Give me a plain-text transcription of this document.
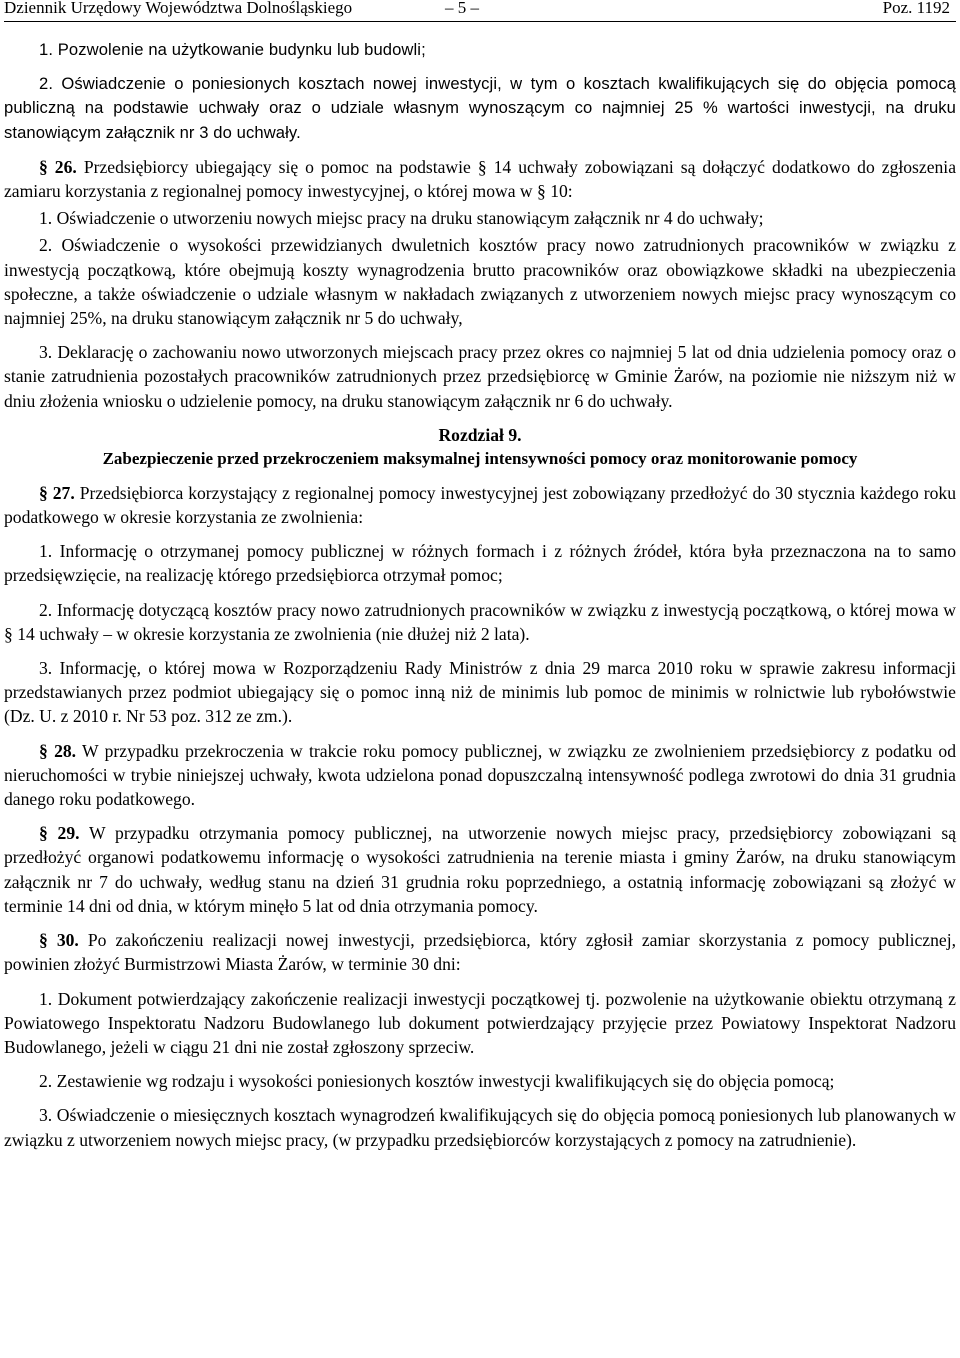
Dziennik Urzędowy Województwa Dolnośląskiego	– 5 –	Poz. 1192

1. Pozwolenie na użytkowanie budynku lub budowli;

2. Oświadczenie o poniesionych kosztach nowej inwestycji, w tym o kosztach kwalifikujących się do objęcia pomocą publiczną na podstawie uchwały oraz o udziale własnym wynoszącym co najmniej 25 % wartości inwestycji, na druku stanowiącym załącznik nr 3 do uchwały.

§ 26. Przedsiębiorcy ubiegający się o pomoc na podstawie § 14 uchwały zobowiązani są dołączyć dodatkowo do zgłoszenia zamiaru korzystania z regionalnej pomocy inwestycyjnej, o której mowa w § 10:

1. Oświadczenie o utworzeniu nowych miejsc pracy na druku stanowiącym załącznik nr 4 do uchwały;

2. Oświadczenie o wysokości przewidzianych dwuletnich kosztów pracy nowo zatrudnionych pracowników w związku z inwestycją początkową, które obejmują koszty wynagrodzenia brutto pracowników oraz obowiązkowe składki na ubezpieczenia społeczne, a także oświadczenie o udziale własnym w nakładach związanych z utworzeniem nowych miejsc pracy wynoszącym co najmniej 25%, na druku stanowiącym załącznik nr 5 do uchwały,

3. Deklarację o zachowaniu nowo utworzonych miejscach pracy przez okres co najmniej 5 lat od dnia udzielenia pomocy oraz o stanie zatrudnienia pozostałych pracowników zatrudnionych przez przedsiębiorcę w Gminie Żarów, na poziomie nie niższym niż w dniu złożenia wniosku o udzielenie pomocy, na druku stanowiącym załącznik nr 6 do uchwały.

Rozdział 9.

Zabezpieczenie przed przekroczeniem maksymalnej intensywności pomocy oraz monitorowanie pomocy

§ 27. Przedsiębiorca korzystający z regionalnej pomocy inwestycyjnej jest zobowiązany przedłożyć do 30 stycznia każdego roku podatkowego w okresie korzystania ze zwolnienia:

1. Informację o otrzymanej pomocy publicznej w różnych formach i z różnych źródeł, która była przeznaczona na to samo przedsięwzięcie, na realizację którego przedsiębiorca otrzymał pomoc;

2. Informację dotyczącą kosztów pracy nowo zatrudnionych pracowników w związku z inwestycją początkową, o której mowa w § 14 uchwały – w okresie korzystania ze zwolnienia (nie dłużej niż 2 lata).

3. Informację, o której mowa w Rozporządzeniu Rady Ministrów z dnia 29 marca 2010 roku w sprawie zakresu informacji przedstawianych przez podmiot ubiegający się o pomoc inną niż de minimis lub pomoc de minimis w rolnictwie lub rybołówstwie (Dz. U. z 2010 r. Nr 53 poz. 312 ze zm.).

§ 28. W przypadku przekroczenia w trakcie roku pomocy publicznej, w związku ze zwolnieniem przedsiębiorcy z podatku od nieruchomości w trybie niniejszej uchwały, kwota udzielona ponad dopuszczalną intensywność podlega zwrotowi do dnia 31 grudnia danego roku podatkowego.

§ 29. W przypadku otrzymania pomocy publicznej, na utworzenie nowych miejsc pracy, przedsiębiorcy zobowiązani są przedłożyć organowi podatkowemu informację o wysokości zatrudnienia na terenie miasta i gminy Żarów, na druku stanowiącym załącznik nr 7 do uchwały, według stanu na dzień 31 grudnia roku poprzedniego, a ostatnią informację zobowiązani są złożyć w terminie 14 dni od dnia, w którym minęło 5 lat od dnia otrzymania pomocy.

§ 30. Po zakończeniu realizacji nowej inwestycji, przedsiębiorca, który zgłosił zamiar skorzystania z pomocy publicznej, powinien złożyć Burmistrzowi Miasta Żarów, w terminie 30 dni:

1. Dokument potwierdzający zakończenie realizacji inwestycji początkowej tj. pozwolenie na użytkowanie obiektu otrzymaną z Powiatowego Inspektoratu Nadzoru Budowlanego lub dokument potwierdzający przyjęcie przez Powiatowy Inspektorat Nadzoru Budowlanego, jeżeli w ciągu 21 dni nie został zgłoszony sprzeciw.

2. Zestawienie wg rodzaju i wysokości poniesionych kosztów inwestycji kwalifikujących się do objęcia pomocą;

3. Oświadczenie o miesięcznych kosztach wynagrodzeń kwalifikujących się do objęcia pomocą poniesionych lub planowanych w związku z utworzeniem nowych miejsc pracy, (w przypadku przedsiębiorców korzystających z pomocy na zatrudnienie).
